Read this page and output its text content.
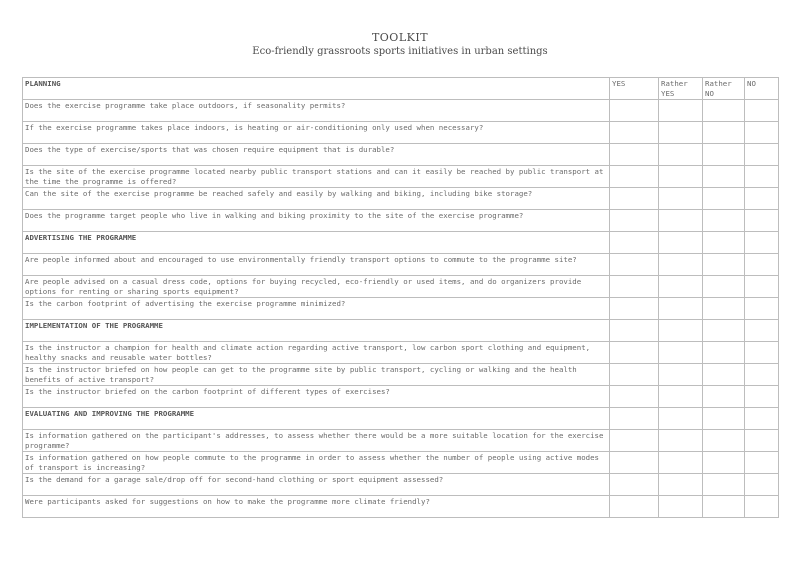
TOOLKIT
Eco-friendly grassroots sports initiatives in urban settings
PLANNING	YES	Rather YES	Rather NO	NO
Does the exercise programme take place outdoors, if seasonality permits?				
If the exercise programme takes place indoors, is heating or air-conditioning only used when necessary?				
Does the type of exercise/sports that was chosen require equipment that is durable?				
Is the site of the exercise programme located nearby public transport stations and can it easily be reached by public transport at the time the programme is offered?				
Can the site of the exercise programme be reached safely and easily by walking and biking, including bike storage?				
Does the programme target people who live in walking and biking proximity to the site of the exercise programme?				
ADVERTISING THE PROGRAMME				
Are people informed about and encouraged to use environmentally friendly transport options to commute to the programme site?				
Are people advised on a casual dress code, options for buying recycled, eco-friendly or used items, and do organizers provide options for renting or sharing sports equipment?				
Is the carbon footprint of advertising the exercise programme minimized?				
IMPLEMENTATION OF THE PROGRAMME				
Is the instructor a champion for health and climate action regarding active transport, low carbon sport clothing and equipment, healthy snacks and reusable water bottles?				
Is the instructor briefed on how people can get to the programme site by public transport, cycling or walking and the health benefits of active transport?				
Is the instructor briefed on the carbon footprint of different types of exercises?				
EVALUATING AND IMPROVING THE PROGRAMME				
Is information gathered on the participant's addresses, to assess whether there would be a more suitable location for the exercise programme?				
Is information gathered on how people commute to the programme in order to assess whether the number of people using active modes of transport is increasing?				
Is the demand for a garage sale/drop off for second-hand clothing or sport equipment assessed?				
Were participants asked for suggestions on how to make the programme more climate friendly?				
